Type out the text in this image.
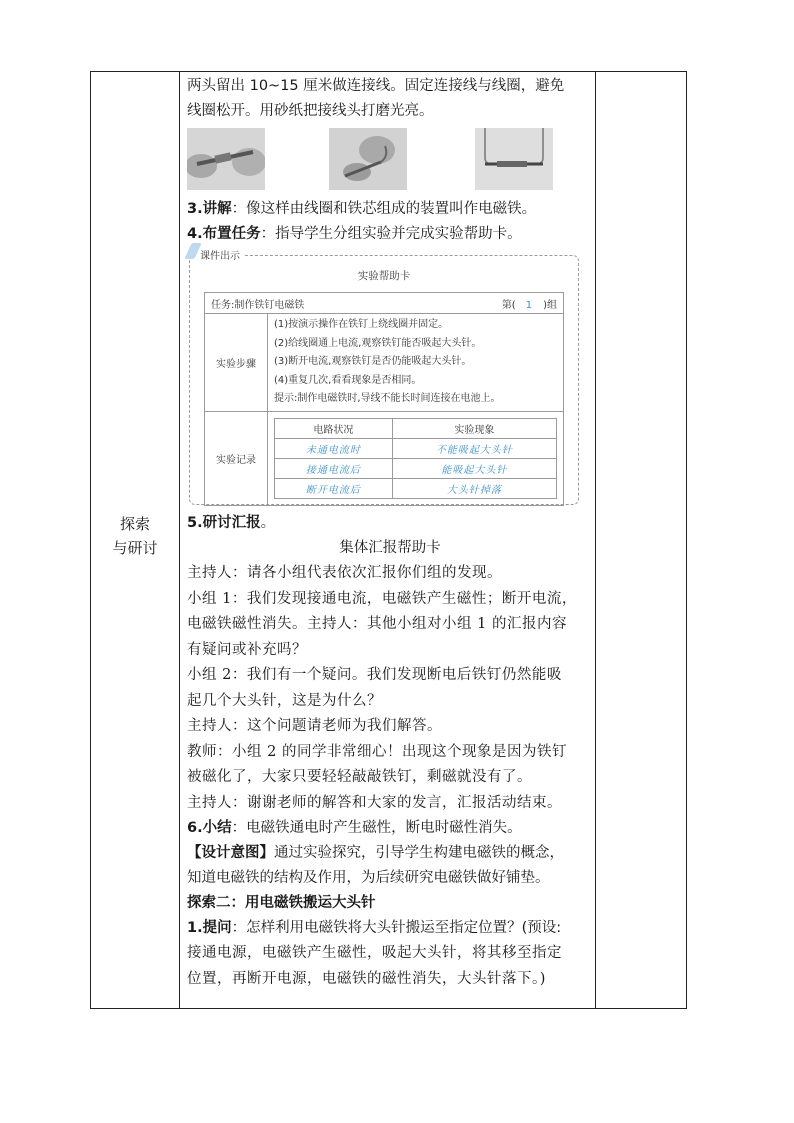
探索
与研讨

两头留出 10~15 厘米做连接线。固定连接线与线圈，避免

线圈松开。用砂纸把接线头打磨光亮。

3.讲解：像这样由线圈和铁芯组成的装置叫作电磁铁。

4.布置任务：指导学生分组实验并完成实验帮助卡。

课件出示
实验帮助卡
任务:制作铁钉电磁铁	第( 1 )组

实验步骤	
(1)按演示操作在铁钉上绕线圈并固定。
(2)给线圈通上电流,观察铁钉能否吸起大头针。
(3)断开电流,观察铁钉是否仍能吸起大头针。
(4)重复几次,看看现象是否相同。
提示:制作电磁铁时,导线不能长时间连接在电池上。

实验记录	
电路状况	实验现象
未通电流时	不能吸起大头针
接通电流后	能吸起大头针
断开电流后	大头针掉落

5.研讨汇报。

集体汇报帮助卡

主持人：请各小组代表依次汇报你们组的发现。

小组 1：我们发现接通电流，电磁铁产生磁性；断开电流，

电磁铁磁性消失。主持人：其他小组对小组 1 的汇报内容

有疑问或补充吗？

小组 2：我们有一个疑问。我们发现断电后铁钉仍然能吸

起几个大头针，这是为什么？

主持人：这个问题请老师为我们解答。

教师：小组 2 的同学非常细心！出现这个现象是因为铁钉

被磁化了，大家只要轻轻敲敲铁钉，剩磁就没有了。

主持人：谢谢老师的解答和大家的发言，汇报活动结束。

6.小结：电磁铁通电时产生磁性，断电时磁性消失。

【设计意图】通过实验探究，引导学生构建电磁铁的概念，

知道电磁铁的结构及作用，为后续研究电磁铁做好铺垫。

探索二：用电磁铁搬运大头针

1.提问：怎样利用电磁铁将大头针搬运至指定位置？(预设:

接通电源，电磁铁产生磁性，吸起大头针，将其移至指定

位置，再断开电源，电磁铁的磁性消失，大头针落下。)
